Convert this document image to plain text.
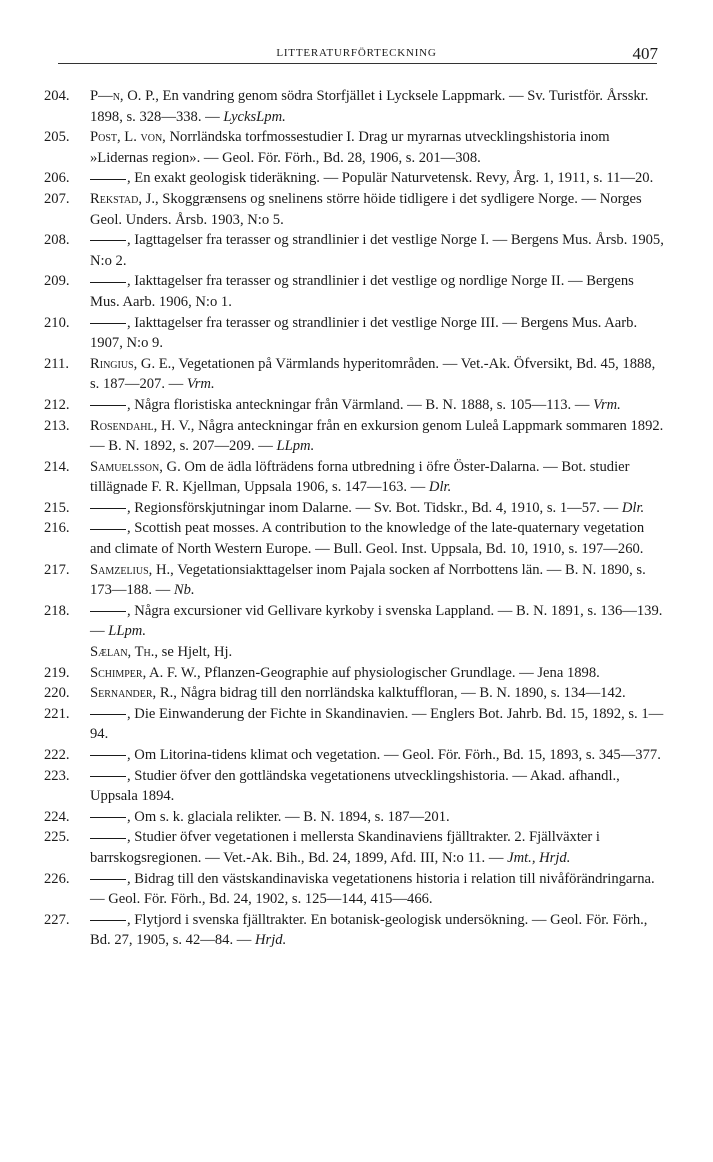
LITTERATURFÖRTECKNING	407
204. P—n, O. P., En vandring genom södra Storfjället i Lycksele Lappmark. — Sv. Turistför. Årsskr. 1898, s. 328—338. — LycksLpm.
205. Post, L. von, Norrländska torfmossestudier I. Drag ur myrarnas utvecklingshistoria inom »Lidernas region». — Geol. För. Förh., Bd. 28, 1906, s. 201—308.
206.	, En exakt geologisk tideräkning. — Populär Naturvetensk. Revy, Årg. 1, 1911, s. 11—20.
207. Rekstad, J., Skoggrænsens og snelinens större höide tidligere i det sydligere Norge. — Norges Geol. Unders. Årsb. 1903, N:o 5.
208.	, Iagttagelser fra terasser og strandlinier i det vestlige Norge I. — Bergens Mus. Årsb. 1905, N:o 2.
209.	, Iakttagelser fra terasser og strandlinier i det vestlige og nordlige Norge II. — Bergens Mus. Aarb. 1906, N:o 1.
210.	, Iakttagelser fra terasser og strandlinier i det vestlige Norge III. — Bergens Mus. Aarb. 1907, N:o 9.
211. Ringius, G. E., Vegetationen på Värmlands hyperitområden. — Vet.-Ak. Öfversikt, Bd. 45, 1888, s. 187—207. — Vrm.
212.	, Några floristiska anteckningar från Värmland. — B. N. 1888, s. 105—113. — Vrm.
213. Rosendahl, H. V., Några anteckningar från en exkursion genom Luleå Lappmark sommaren 1892. — B. N. 1892, s. 207—209. — LLpm.
214. Samuelsson, G. Om de ädla löfträdens forna utbredning i öfre Öster-Dalarna. — Bot. studier tillägnade F. R. Kjellman, Uppsala 1906, s. 147—163. — Dlr.
215.	, Regionsförskjutningar inom Dalarne. — Sv. Bot. Tidskr., Bd. 4, 1910, s. 1—57. — Dlr.
216.	, Scottish peat mosses. A contribution to the knowledge of the late-quaternary vegetation and climate of North Western Europe. — Bull. Geol. Inst. Uppsala, Bd. 10, 1910, s. 197—260.
217. Samzelius, H., Vegetationsiakttagelser inom Pajala socken af Norrbottens län. — B. N. 1890, s. 173—188. — Nb.
218.	, Några excursioner vid Gellivare kyrkoby i svenska Lappland. — B. N. 1891, s. 136—139. — LLpm.
Sælan, Th., se Hjelt, Hj.
219. Schimper, A. F. W., Pflanzen-Geographie auf physiologischer Grundlage. — Jena 1898.
220. Sernander, R., Några bidrag till den norrländska kalktuffloran, — B. N. 1890, s. 134—142.
221.	, Die Einwanderung der Fichte in Skandinavien. — Englers Bot. Jahrb. Bd. 15, 1892, s. 1—94.
222.	, Om Litorina-tidens klimat och vegetation. — Geol. För. Förh., Bd. 15, 1893, s. 345—377.
223.	, Studier öfver den gottländska vegetationens utvecklingshistoria. — Akad. afhandl., Uppsala 1894.
224.	, Om s. k. glaciala relikter. — B. N. 1894, s. 187—201.
225.	, Studier öfver vegetationen i mellersta Skandinaviens fjälltrakter. 2. Fjällväxter i barrskogsregionen. — Vet.-Ak. Bih., Bd. 24, 1899, Afd. III, N:o 11. — Jmt., Hrjd.
226.	, Bidrag till den västskandinaviska vegetationens historia i relation till nivåförändringarna. — Geol. För. Förh., Bd. 24, 1902, s. 125—144, 415—466.
227.	, Flytjord i svenska fjälltrakter. En botanisk-geologisk undersökning. — Geol. För. Förh., Bd. 27, 1905, s. 42—84. — Hrjd.
